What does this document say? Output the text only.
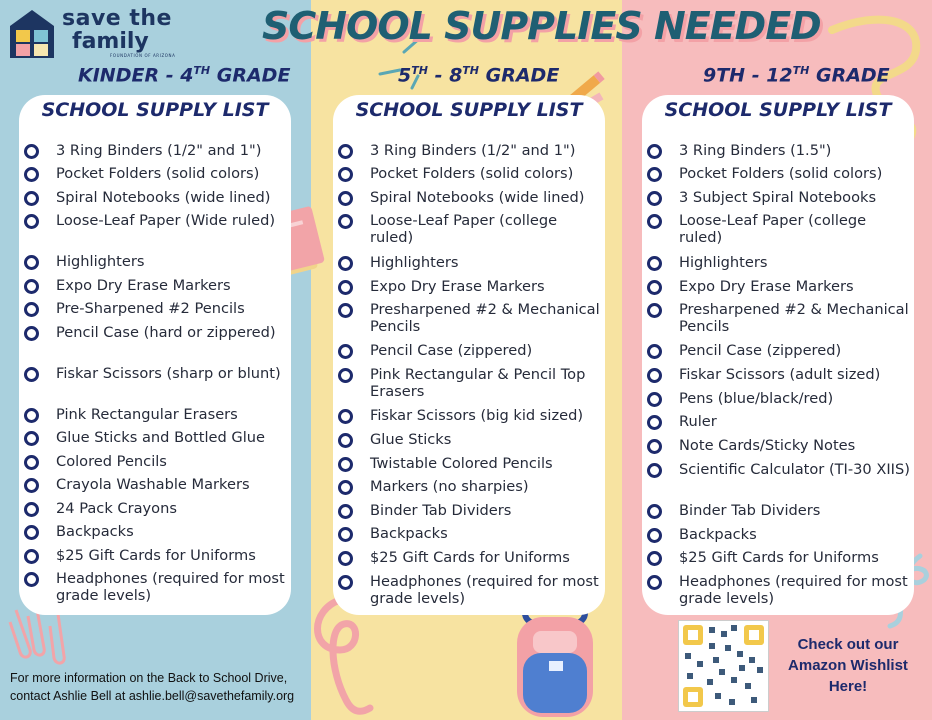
save the
family
FOUNDATION OF ARIZONA
SCHOOL SUPPLIES NEEDED
KINDER - 4TH GRADE	5TH - 8TH GRADE	9TH - 12TH GRADE
SCHOOL SUPPLY LIST
3 Ring Binders (1/2" and 1")
Pocket Folders (solid colors)
Spiral Notebooks (wide lined)
Loose-Leaf Paper (Wide ruled)
Highlighters
Expo Dry Erase Markers
Pre-Sharpened #2 Pencils
Pencil Case (hard or zippered)
Fiskar Scissors (sharp or blunt)
Pink Rectangular Erasers
Glue Sticks and Bottled Glue
Colored Pencils
Crayola Washable Markers
24 Pack Crayons
Backpacks
$25 Gift Cards for Uniforms
Headphones (required for most grade levels)
SCHOOL SUPPLY LIST
3 Ring Binders (1/2" and 1")
Pocket Folders (solid colors)
Spiral Notebooks (wide lined)
Loose-Leaf Paper (college ruled)
Highlighters
Expo Dry Erase Markers
Presharpened #2 & Mechanical Pencils
Pencil Case (zippered)
Pink Rectangular & Pencil Top Erasers
Fiskar Scissors (big kid sized)
Glue Sticks
Twistable Colored Pencils
Markers (no sharpies)
Binder Tab Dividers
Backpacks
$25 Gift Cards for Uniforms
Headphones (required for most grade levels)
SCHOOL SUPPLY LIST
3 Ring Binders (1.5")
Pocket Folders (solid colors)
3 Subject Spiral Notebooks
Loose-Leaf Paper (college ruled)
Highlighters
Expo Dry Erase Markers
Presharpened #2 & Mechanical Pencils
Pencil Case (zippered)
Fiskar Scissors (adult sized)
Pens (blue/black/red)
Ruler
Note Cards/Sticky Notes
Scientific Calculator (TI-30 XIIS)
Binder Tab Dividers
Backpacks
$25 Gift Cards for Uniforms
Headphones (required for most grade levels)
For more information on the Back to School Drive,
contact Ashlie Bell at ashlie.bell@savethefamily.org
Check out our
Amazon Wishlist
Here!
